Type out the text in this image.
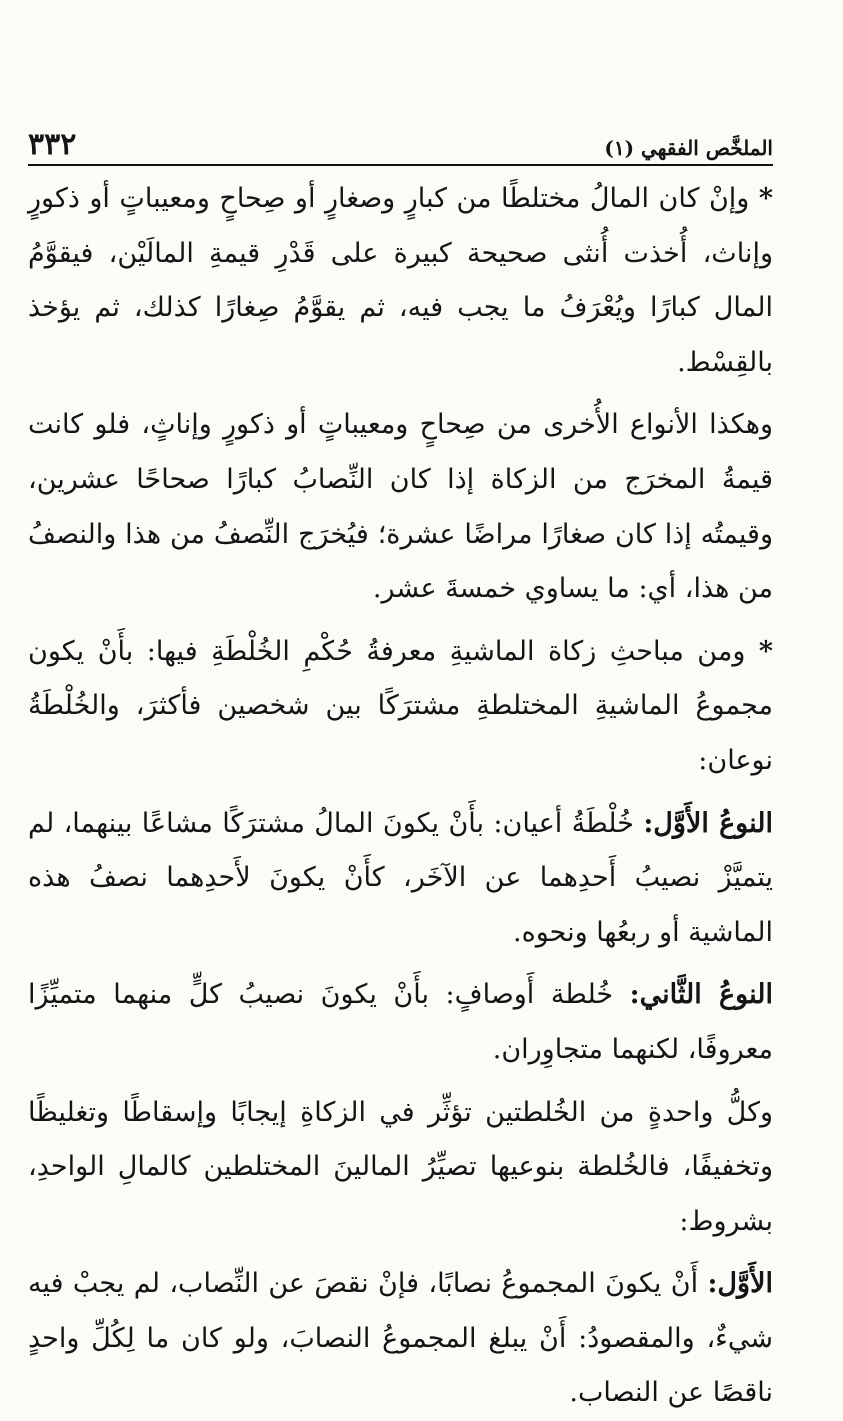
٣٣٢	الملخَّص الفقهي (١)

* وإنْ كان المالُ مختلطًا من كبارٍ وصغارٍ أو صِحاحٍ ومعيباتٍ أو ذكورٍ وإناث، أُخذت أُنثى صحيحة كبيرة على قَدْرِ قيمةِ المالَيْن، فيقوَّمُ المال كبارًا ويُعْرَفُ ما يجب فيه، ثم يقوَّمُ صِغارًا كذلك، ثم يؤخذ بالقِسْط.

وهكذا الأنواع الأُخرى من صِحاحٍ ومعيباتٍ أو ذكورٍ وإناثٍ، فلو كانت قيمةُ المخرَج من الزكاة إذا كان النِّصابُ كبارًا صحاحًا عشرين، وقيمتُه إذا كان صغارًا مراضًا عشرة؛ فيُخرَج النِّصفُ من هذا والنصفُ من هذا، أي: ما يساوي خمسةَ عشر.

* ومن مباحثِ زكاة الماشيةِ معرفةُ حُكْمِ الخُلْطَةِ فيها: بأَنْ يكون مجموعُ الماشيةِ المختلطةِ مشترَكًا بين شخصين فأكثرَ، والخُلْطَةُ نوعان:

النوعُ الأَوَّل: خُلْطَةُ أعيان: بأَنْ يكونَ المالُ مشترَكًا مشاعًا بينهما، لم يتميَّزْ نصيبُ أَحدِهما عن الآخَر، كأَنْ يكونَ لأَحدِهما نصفُ هذه الماشية أو ربعُها ونحوه.

النوعُ الثَّاني: خُلطة أَوصافٍ: بأَنْ يكونَ نصيبُ كلٍّ منهما متميِّزًا معروفًا، لكنهما متجاوِران.

وكلُّ واحدةٍ من الخُلطتين تؤثِّر في الزكاةِ إيجابًا وإسقاطًا وتغليظًا وتخفيفًا، فالخُلطة بنوعيها تصيِّرُ المالينَ المختلطين كالمالِ الواحدِ، بشروط:

الأَوَّل: أَنْ يكونَ المجموعُ نصابًا، فإنْ نقصَ عن النِّصاب، لم يجبْ فيه شيءٌ، والمقصودُ: أَنْ يبلغ المجموعُ النصابَ، ولو كان ما لِكُلِّ واحدٍ ناقصًا عن النصاب.
